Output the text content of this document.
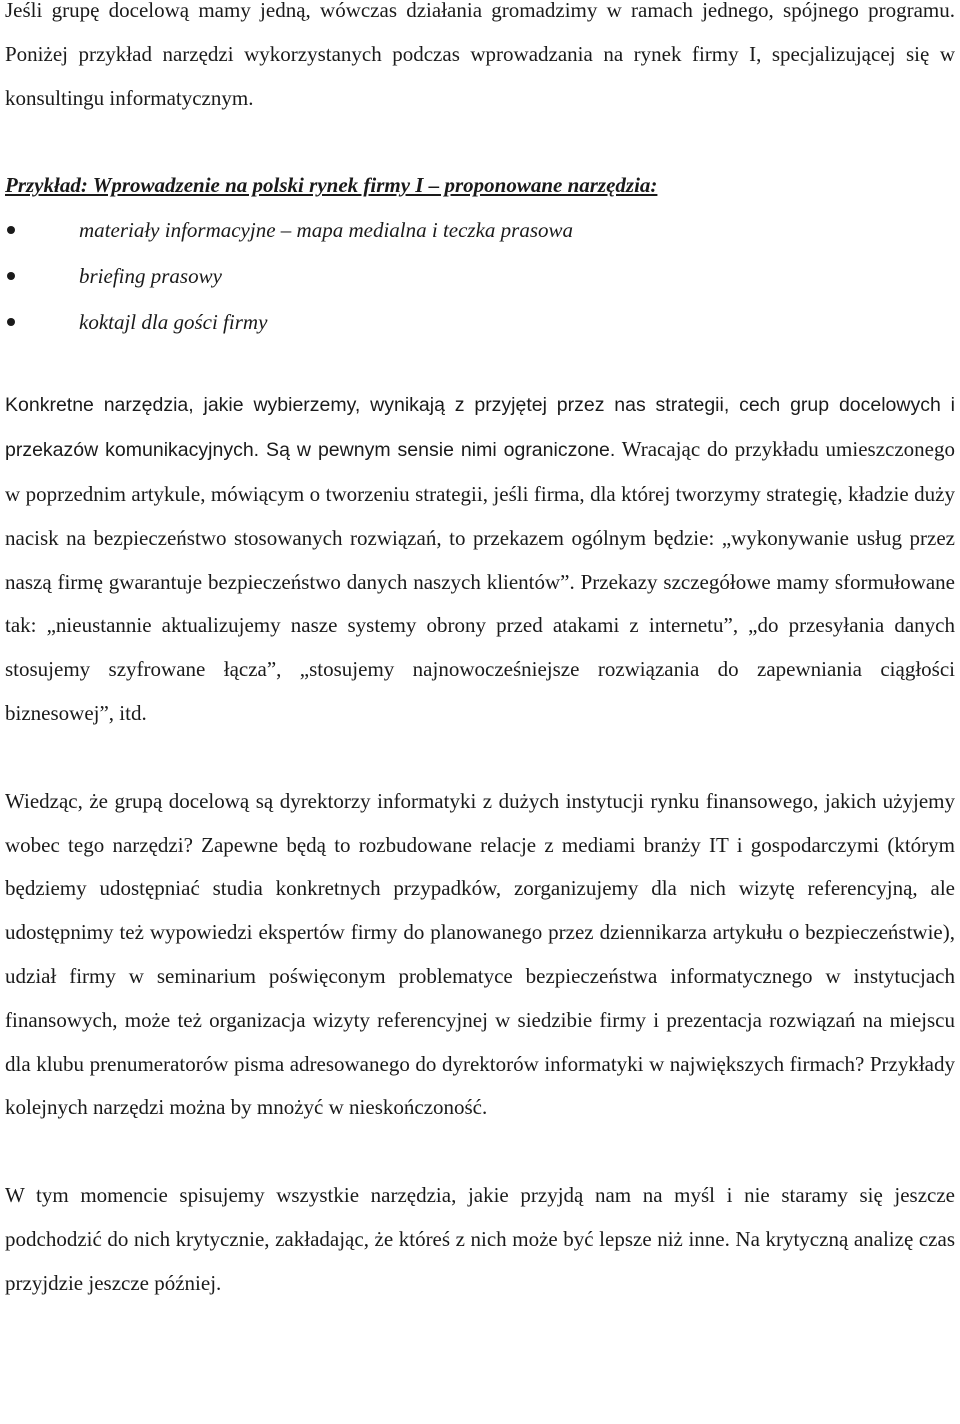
Jeśli grupę docelową mamy jedną, wówczas działania gromadzimy w ramach jednego, spójnego programu. Poniżej przykład narzędzi wykorzystanych podczas wprowadzania na rynek firmy I, specjalizującej się w konsultingu informatycznym.

Przykład: Wprowadzenie na polski rynek firmy I – proponowane narzędzia:

materiały informacyjne – mapa medialna i teczka prasowa
briefing prasowy
koktajl dla gości firmy

Konkretne narzędzia, jakie wybierzemy, wynikają z przyjętej przez nas strategii, cech grup docelowych i przekazów komunikacyjnych. Są w pewnym sensie nimi ograniczone. Wracając do przykładu umieszczonego w poprzednim artykule, mówiącym o tworzeniu strategii, jeśli firma, dla której tworzymy strategię, kładzie duży nacisk na bezpieczeństwo stosowanych rozwiązań, to przekazem ogólnym będzie: „wykonywanie usług przez naszą firmę gwarantuje bezpieczeństwo danych naszych klientów”. Przekazy szczegółowe mamy sformułowane tak: „nieustannie aktualizujemy nasze systemy obrony przed atakami z internetu”, „do przesyłania danych stosujemy szyfrowane łącza”, „stosujemy najnowocześniejsze rozwiązania do zapewniania ciągłości biznesowej”, itd.

Wiedząc, że grupą docelową są dyrektorzy informatyki z dużych instytucji rynku finansowego, jakich użyjemy wobec tego narzędzi? Zapewne będą to rozbudowane relacje z mediami branży IT i gospodarczymi (którym będziemy udostępniać studia konkretnych przypadków, zorganizujemy dla nich wizytę referencyjną, ale udostępnimy też wypowiedzi ekspertów firmy do planowanego przez dziennikarza artykułu o bezpieczeństwie), udział firmy w seminarium poświęconym problematyce bezpieczeństwa informatycznego w instytucjach finansowych, może też organizacja wizyty referencyjnej w siedzibie firmy i prezentacja rozwiązań na miejscu dla klubu prenumeratorów pisma adresowanego do dyrektorów informatyki w największych firmach? Przykłady kolejnych narzędzi można by mnożyć w nieskończoność.

W tym momencie spisujemy wszystkie narzędzia, jakie przyjdą nam na myśl i nie staramy się jeszcze podchodzić do nich krytycznie, zakładając, że któreś z nich może być lepsze niż inne. Na krytyczną analizę czas przyjdzie jeszcze później.
